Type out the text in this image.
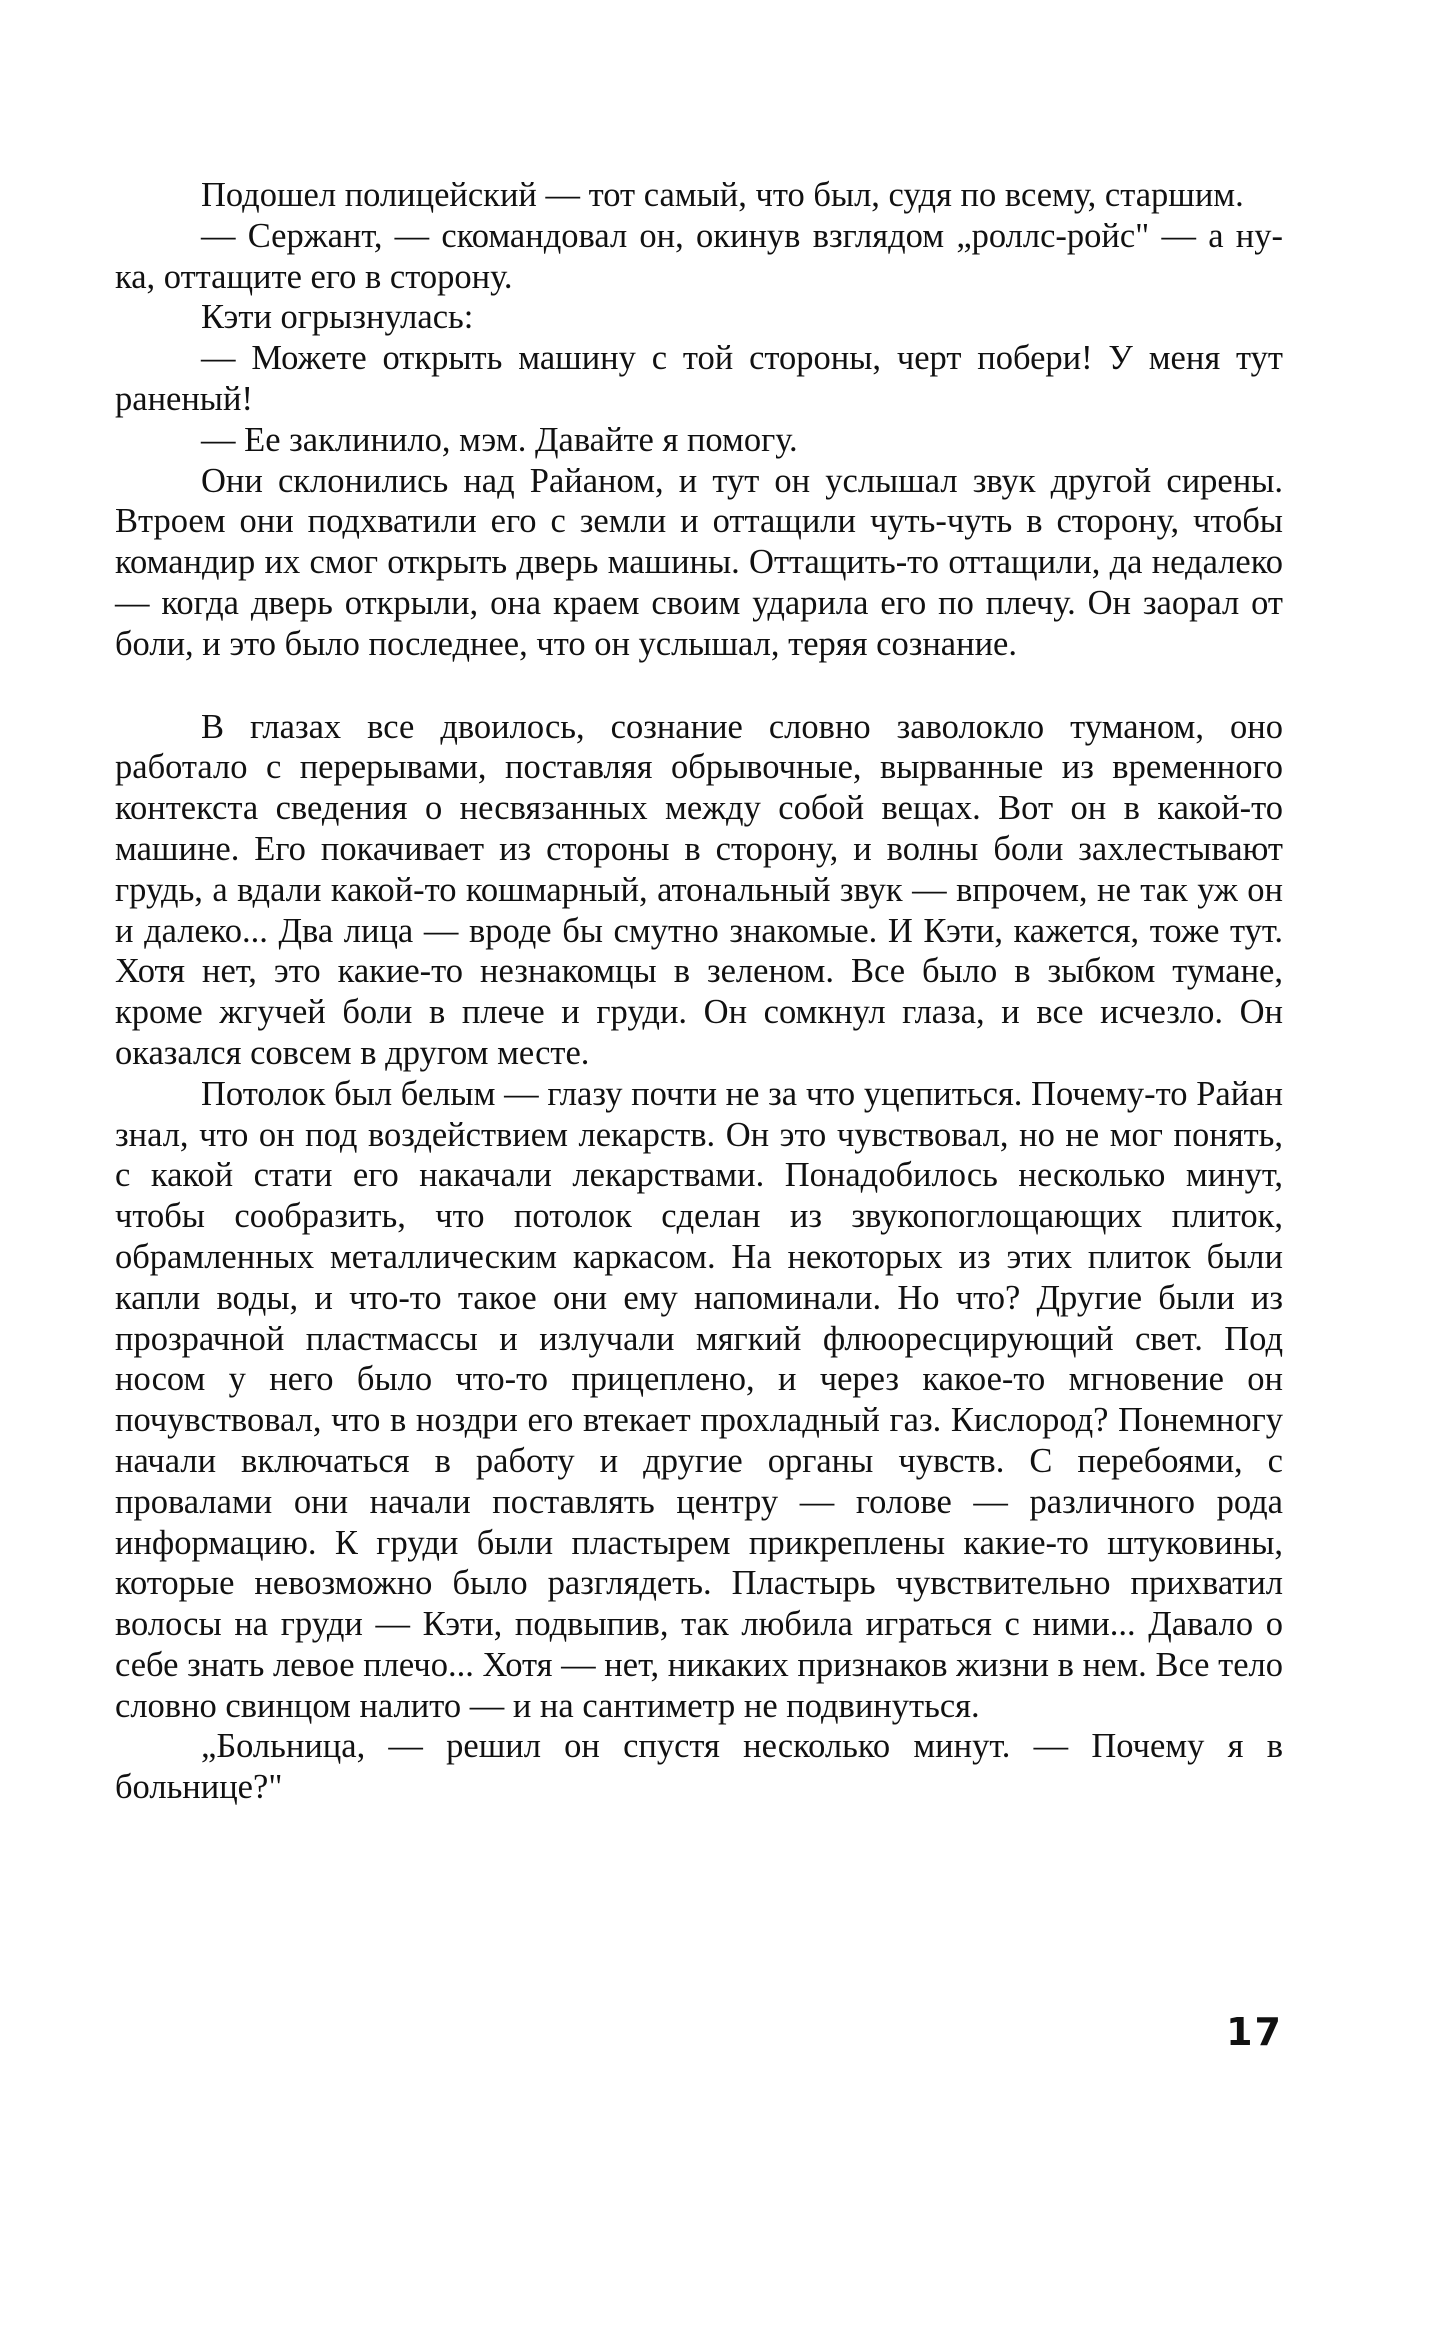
Подошел полицейский — тот самый, что был, судя по всему, старшим.

— Сержант, — скомандовал он, окинув взглядом „роллс-ройс" — а ну-ка, оттащите его в сторону.

Кэти огрызнулась:

— Можете открыть машину с той стороны, черт побери! У меня тут раненый!

— Ее заклинило, мэм. Давайте я помогу.

Они склонились над Райаном, и тут он услышал звук другой сирены. Втроем они подхватили его с земли и оттащили чуть-чуть в сторону, чтобы командир их смог открыть дверь машины. Оттащить-то оттащили, да недалеко — когда дверь открыли, она краем своим ударила его по плечу. Он заорал от боли, и это было последнее, что он услышал, теряя сознание.

В глазах все двоилось, сознание словно заволокло туманом, оно работало с перерывами, поставляя обрывочные, вырванные из временного контекста сведения о несвязанных между собой вещах. Вот он в какой-то машине. Его покачивает из стороны в сторону, и волны боли захлестывают грудь, а вдали какой-то кошмарный, атональный звук — впрочем, не так уж он и далеко... Два лица — вроде бы смутно знакомые. И Кэти, кажется, тоже тут. Хотя нет, это какие-то незнакомцы в зеленом. Все было в зыбком тумане, кроме жгучей боли в плече и груди. Он сомкнул глаза, и все исчезло. Он оказался совсем в другом месте.

Потолок был белым — глазу почти не за что уцепиться. Почему-то Райан знал, что он под воздействием лекарств. Он это чувствовал, но не мог понять, с какой стати его накачали лекарствами. Понадобилось несколько минут, чтобы сообразить, что потолок сделан из звукопоглощающих плиток, обрамленных металлическим каркасом. На некоторых из этих плиток были капли воды, и что-то такое они ему напоминали. Но что? Другие были из прозрачной пластмассы и излучали мягкий флюоресцирующий свет. Под носом у него было что-то прицеплено, и через какое-то мгновение он почувствовал, что в ноздри его втекает прохладный газ. Кислород? Понемногу начали включаться в работу и другие органы чувств. С перебоями, с провалами они начали поставлять центру — голове — различного рода информацию. К груди были пластырем прикреплены какие-то штуковины, которые невозможно было разглядеть. Пластырь чувствительно прихватил волосы на груди — Кэти, подвыпив, так любила играться с ними... Давало о себе знать левое плечо... Хотя — нет, никаких признаков жизни в нем. Все тело словно свинцом налито — и на сантиметр не подвинуться.

„Больница, — решил он спустя несколько минут. — Почему я в больнице?"

17
